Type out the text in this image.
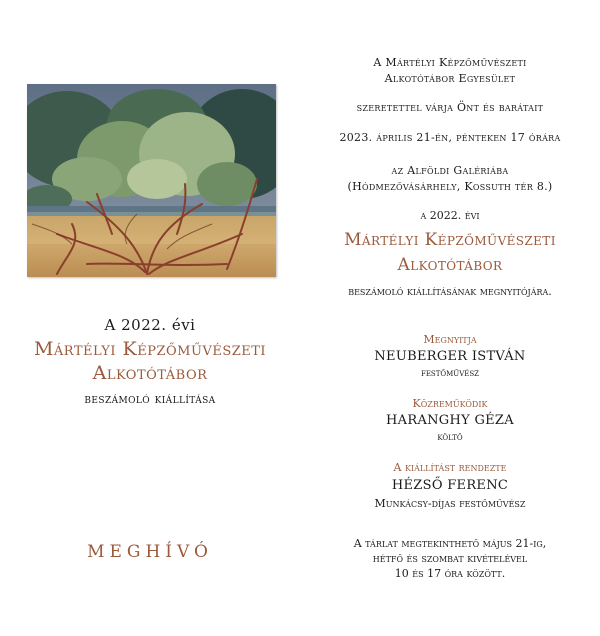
A 2022. évi
Mártélyi Képzőművészeti
Alkotótábor
beszámoló kiállítása
MEGHÍVÓ
A Mártélyi Képzőművészeti
Alkotótábor Egyesület
szeretettel várja Önt és barátait
2023. április 21-én, pénteken 17 órára
az Alföldi Galériába
(Hódmezővásárhely, Kossuth tér 8.)
a 2022. évi
Mártélyi Képzőművészeti
Alkotótábor
beszámoló kiállításának megnyitójára.
Megnyitja
NEUBERGER ISTVÁN
festőművész
Közreműködik
HARANGHY GÉZA
költő
A kiállítást rendezte
HÉZSŐ FERENC
Munkácsy-díjas festőművész
A tárlat megtekinthető május 21-ig,
hétfő és szombat kivételével
10 és 17 óra között.
